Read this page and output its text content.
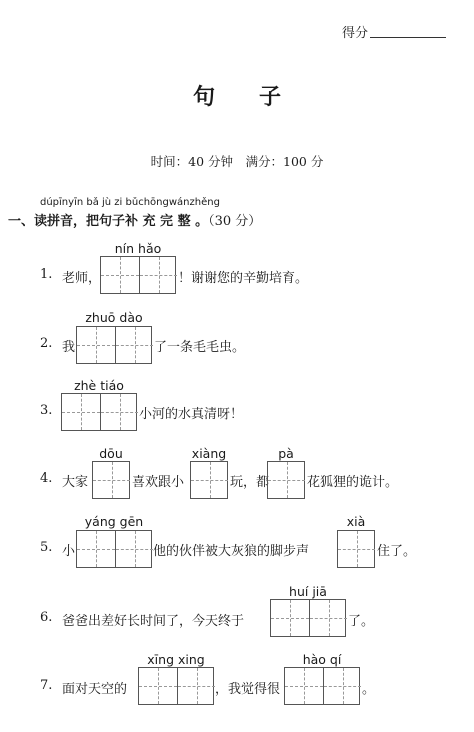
得分
句　　子
时间：40 分钟　满分：100 分
dúpīnyīn bǎ jù zi bǔchōngwánzhěng
一、读拼音，把句子补 充 完 整 。（30 分）
nín hǎo
1. 老师，	！谢谢您的辛勤培育。
zhuō dào
2. 我	了一条毛毛虫。
zhè tiáo
3.	小河的水真清呀！
dōu	xiàng	pà
4. 大家	喜欢跟小	玩，都	花狐狸的诡计。
yáng gēn	xià
5. 小	他的伙伴被大灰狼的脚步声	住了。
huí jiā
6. 爸爸出差好长时间了，今天终于	了。
xīng xing	hào qí
7. 面对天空的	，我觉得很	。
